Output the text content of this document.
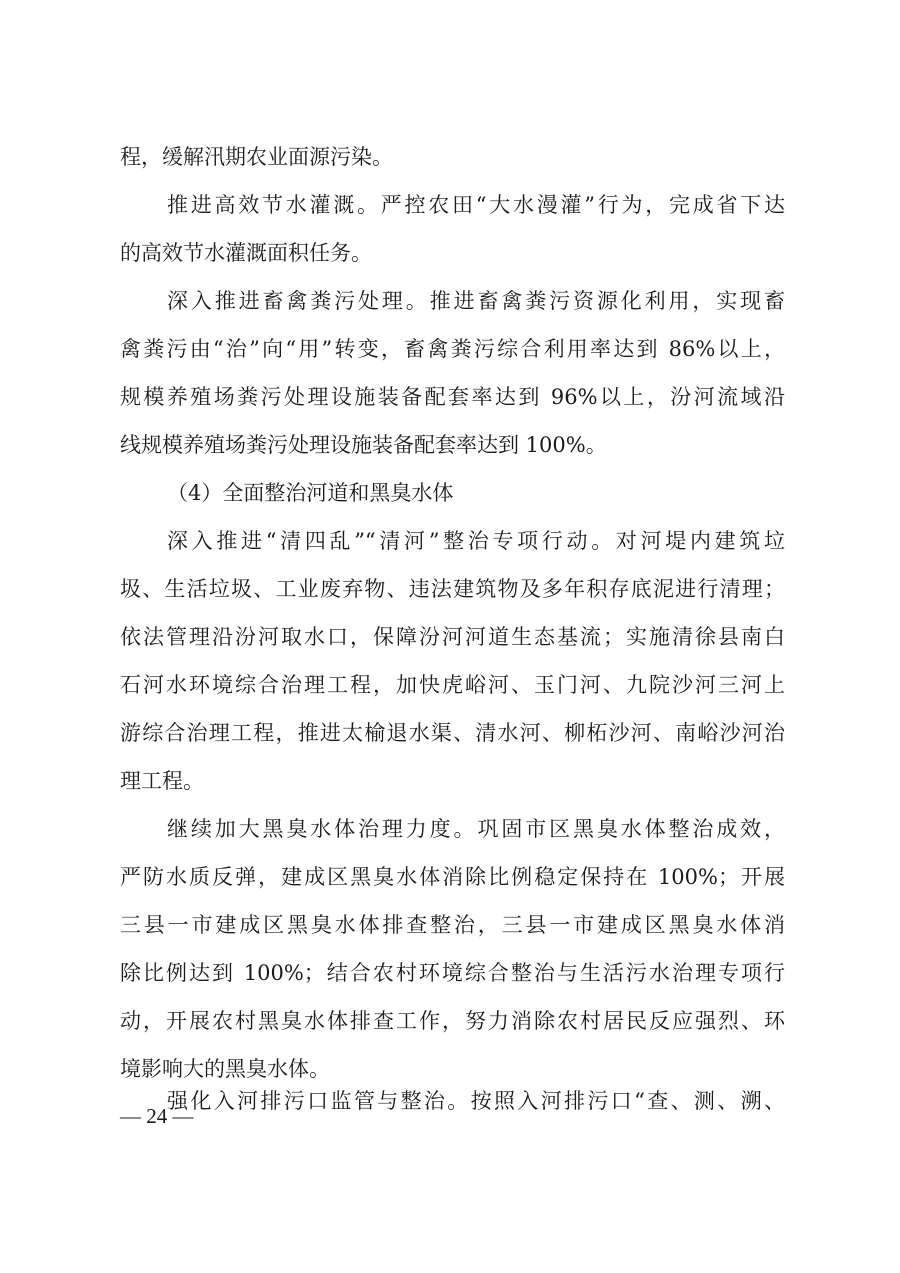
程，缓解汛期农业面源污染。

推进高效节水灌溉。严控农田“大水漫灌”行为，完成省下达

的高效节水灌溉面积任务。

深入推进畜禽粪污处理。推进畜禽粪污资源化利用，实现畜

禽粪污由“治”向“用”转变，畜禽粪污综合利用率达到 86%以上，

规模养殖场粪污处理设施装备配套率达到 96%以上，汾河流域沿

线规模养殖场粪污处理设施装备配套率达到 100%。

（4）全面整治河道和黑臭水体

深入推进“清四乱”“清河”整治专项行动。对河堤内建筑垃

圾、生活垃圾、工业废弃物、违法建筑物及多年积存底泥进行清理；

依法管理沿汾河取水口，保障汾河河道生态基流；实施清徐县南白

石河水环境综合治理工程，加快虎峪河、玉门河、九院沙河三河上

游综合治理工程，推进太榆退水渠、清水河、柳柘沙河、南峪沙河治

理工程。

继续加大黑臭水体治理力度。巩固市区黑臭水体整治成效，

严防水质反弹，建成区黑臭水体消除比例稳定保持在 100%；开展

三县一市建成区黑臭水体排查整治，三县一市建成区黑臭水体消

除比例达到 100%；结合农村环境综合整治与生活污水治理专项行

动，开展农村黑臭水体排查工作，努力消除农村居民反应强烈、环

境影响大的黑臭水体。

强化入河排污口监管与整治。按照入河排污口“查、测、溯、

— 24 —
